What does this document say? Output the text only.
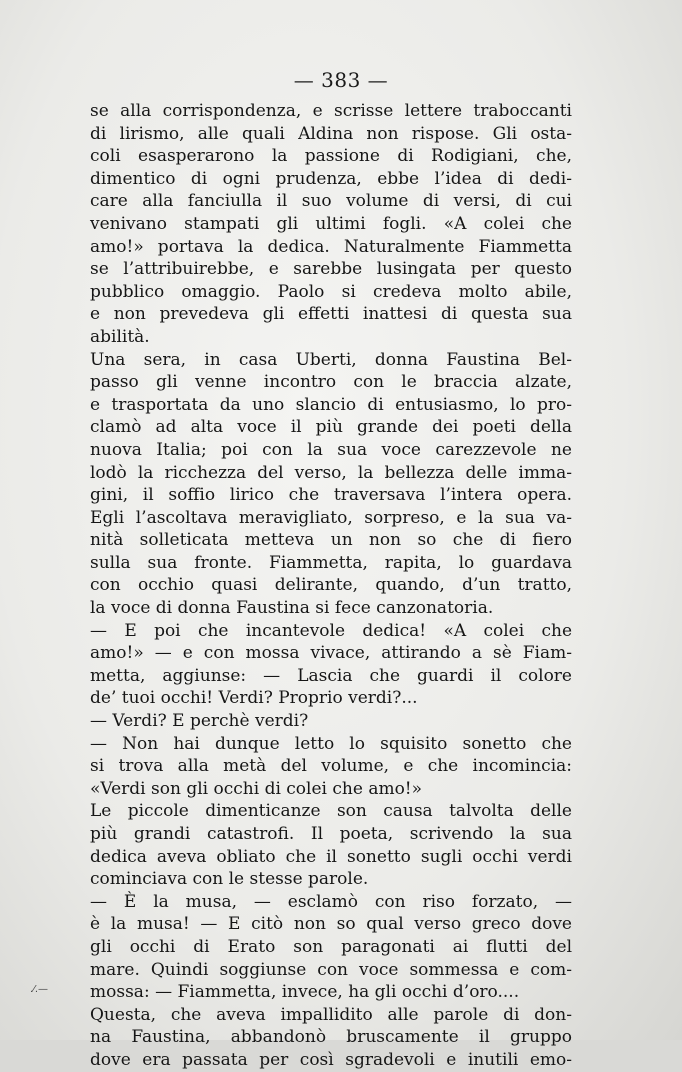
— 383 —
se alla corrispondenza, e scrisse lettere traboccanti
di lirismo, alle quali Aldina non rispose. Gli osta-
coli esasperarono la passione di Rodigiani, che,
dimentico di ogni prudenza, ebbe l’idea di dedi-
care alla fanciulla il suo volume di versi, di cui
venivano stampati gli ultimi fogli. «A colei che
amo!» portava la dedica. Naturalmente Fiammetta
se l’attribuirebbe, e sarebbe lusingata per questo
pubblico omaggio. Paolo si credeva molto abile,
e non prevedeva gli effetti inattesi di questa sua
abilità.
Una sera, in casa Uberti, donna Faustina Bel-
passo gli venne incontro con le braccia alzate,
e trasportata da uno slancio di entusiasmo, lo pro-
clamò ad alta voce il più grande dei poeti della
nuova Italia; poi con la sua voce carezzevole ne
lodò la ricchezza del verso, la bellezza delle imma-
gini, il soffio lirico che traversava l’intera opera.
Egli l’ascoltava meravigliato, sorpreso, e la sua va-
nità solleticata metteva un non so che di fiero
sulla sua fronte. Fiammetta, rapita, lo guardava
con occhio quasi delirante, quando, d’un tratto,
la voce di donna Faustina si fece canzonatoria.
— E poi che incantevole dedica! «A colei che
amo!» — e con mossa vivace, attirando a sè Fiam-
metta, aggiunse: — Lascia che guardi il colore
de’ tuoi occhi! Verdi? Proprio verdi?...
— Verdi? E perchè verdi?
— Non hai dunque letto lo squisito sonetto che
si trova alla metà del volume, e che incomincia:
«Verdi son gli occhi di colei che amo!»
Le piccole dimenticanze son causa talvolta delle
più grandi catastrofi. Il poeta, scrivendo la sua
dedica aveva obliato che il sonetto sugli occhi verdi
cominciava con le stesse parole.
— È la musa, — esclamò con riso forzato, —
è la musa! — E citò non so qual verso greco dove
gli occhi di Erato son paragonati ai flutti del
mare. Quindi soggiunse con voce sommessa e com-
mossa: — Fiammetta, invece, ha gli occhi d’oro....
Questa, che aveva impallidito alle parole di don-
na Faustina, abbandonò bruscamente il gruppo
dove era passata per così sgradevoli e inutili emo-
.⁄.—
